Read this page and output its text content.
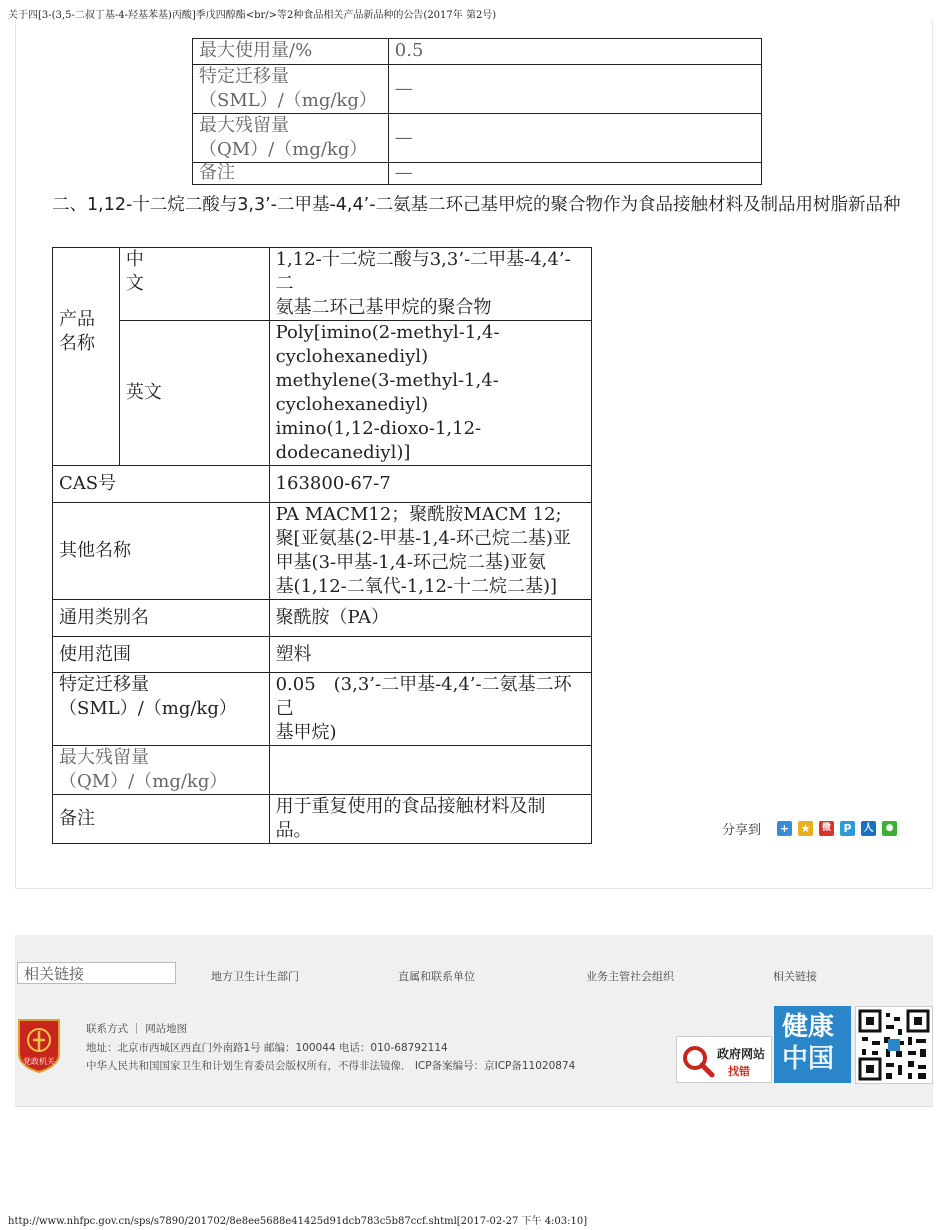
关于四[3-(3,5-二叔丁基-4-羟基苯基)丙酸]季戊四醇酯<br/>等2种食品相关产品新品种的公告(2017年 第2号)
最大使用量/%	0.5

特定迁移量
（SML）/（mg/kg）	—

最大残留量
（QM）/（mg/kg）	—

备注	—
二、1,12-十二烷二酸与3,3’-二甲基-4,4’-二氨基二环己基甲烷的聚合物作为食品接触材料及制品用树脂新品种
产品
名称	中
文	1,12-十二烷二酸与3,3’-二甲基-4,4’-二
氨基二环己基甲烷的聚合物

	英文	Poly[imino(2-methyl-1,4-
cyclohexanediyl)
methylene(3-methyl-1,4-
cyclohexanediyl)
imino(1,12-dioxo-1,12-dodecanediyl)]

CAS号		163800-67-7
其他名称		PA MACM12；聚酰胺MACM 12;
聚[亚氨基(2-甲基-1,4-环己烷二基)亚
甲基(3-甲基-1,4-环己烷二基)亚氨
基(1,12-二氧代-1,12-十二烷二基)]

通用类别名		聚酰胺（PA）
使用范围		塑料

特定迁移量
（SML）/（mg/kg）		0.05　(3,3’-二甲基-4,4’-二氨基二环己
基甲烷)

最大残留量
（QM）/（mg/kg）		

备注		用于重复使用的食品接触材料及制
品。	分享到 + ★	微	P	人	●
相关链接	地方卫生计生部门	直属和联系单位	业务主管社会组织	相关链接
党政机关
联系方式 ｜ 网站地图
地址：北京市西城区西直门外南路1号 邮编：100044 电话：010-68792114
中华人民共和国国家卫生和计划生育委员会版权所有，不得非法镜像． ICP备案编号：京ICP备11020874
政府网站
找错
健康
中国
http://www.nhfpc.gov.cn/sps/s7890/201702/8e8ee5688e41425d91dcb783c5b87ccf.shtml[2017-02-27 下午 4:03:10]
